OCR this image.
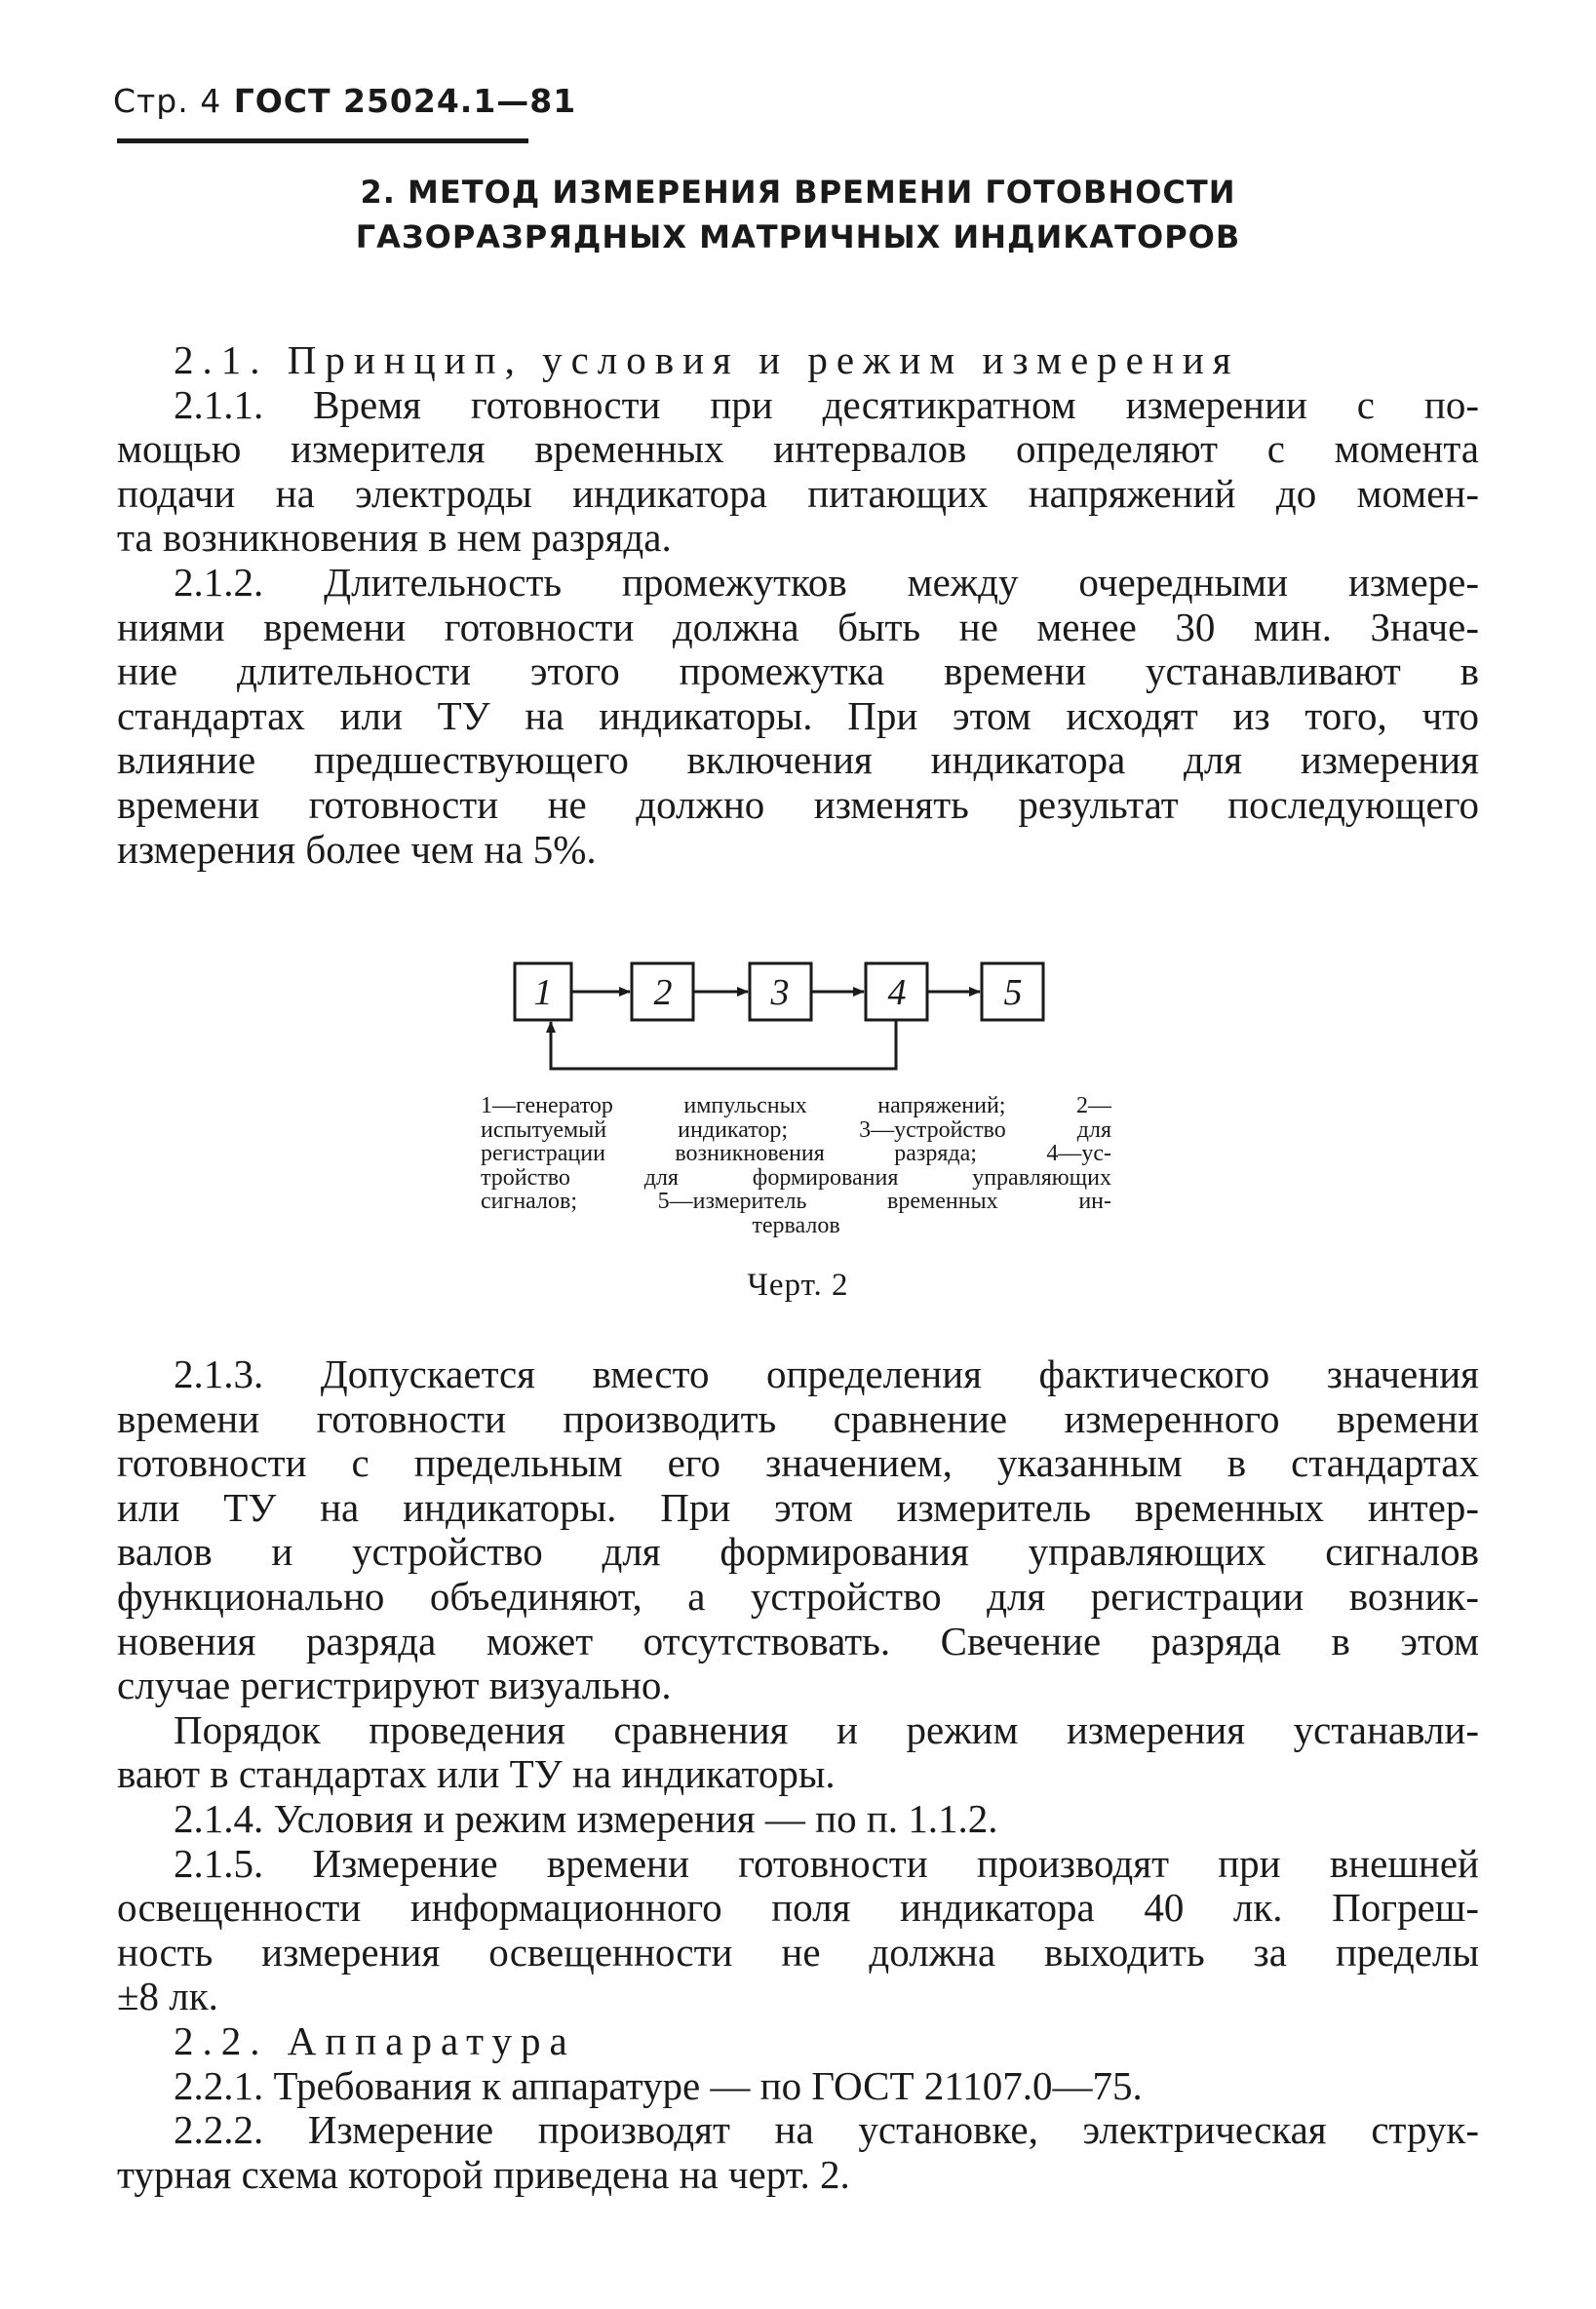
Стр. 4 ГОСТ 25024.1—81
2. МЕТОД ИЗМЕРЕНИЯ ВРЕМЕНИ ГОТОВНОСТИ
ГАЗОРАЗРЯДНЫХ МАТРИЧНЫХ ИНДИКАТОРОВ

2.1. Принцип, условия и режим измерения

2.1.1. Время готовности при десятикратном измерении с по-

мощью измерителя временных интервалов определяют с момента

подачи на электроды индикатора питающих напряжений до момен-

та возникновения в нем разряда.

2.1.2. Длительность промежутков между очередными измере-

ниями времени готовности должна быть не менее 30 мин. Значе-

ние длительности этого промежутка времени устанавливают в

стандартах или ТУ на индикаторы. При этом исходят из того, что

влияние предшествующего включения индикатора для измерения

времени готовности не должно изменять результат последующего

измерения более чем на 5%.

1	2	3	4	5

1—генератор импульсных напряжений; 2—

испытуемый индикатор; 3—устройство для

регистрации возникновения разряда; 4—ус-

тройство для формирования управляющих

сигналов; 5—измеритель временных ин-

тервалов

Черт. 2

2.1.3. Допускается вместо определения фактического значения

времени готовности производить сравнение измеренного времени

готовности с предельным его значением, указанным в стандартах

или ТУ на индикаторы. При этом измеритель временных интер-

валов и устройство для формирования управляющих сигналов

функционально объединяют, а устройство для регистрации возник-

новения разряда может отсутствовать. Свечение разряда в этом

случае регистрируют визуально.

Порядок проведения сравнения и режим измерения устанавли-

вают в стандартах или ТУ на индикаторы.

2.1.4. Условия и режим измерения — по п. 1.1.2.

2.1.5. Измерение времени готовности производят при внешней

освещенности информационного поля индикатора 40 лк. Погреш-

ность измерения освещенности не должна выходить за пределы

±8 лк.

2.2. Аппаратура

2.2.1. Требования к аппаратуре — по ГОСТ 21107.0—75.

2.2.2. Измерение производят на установке, электрическая струк-

турная схема которой приведена на черт. 2.
